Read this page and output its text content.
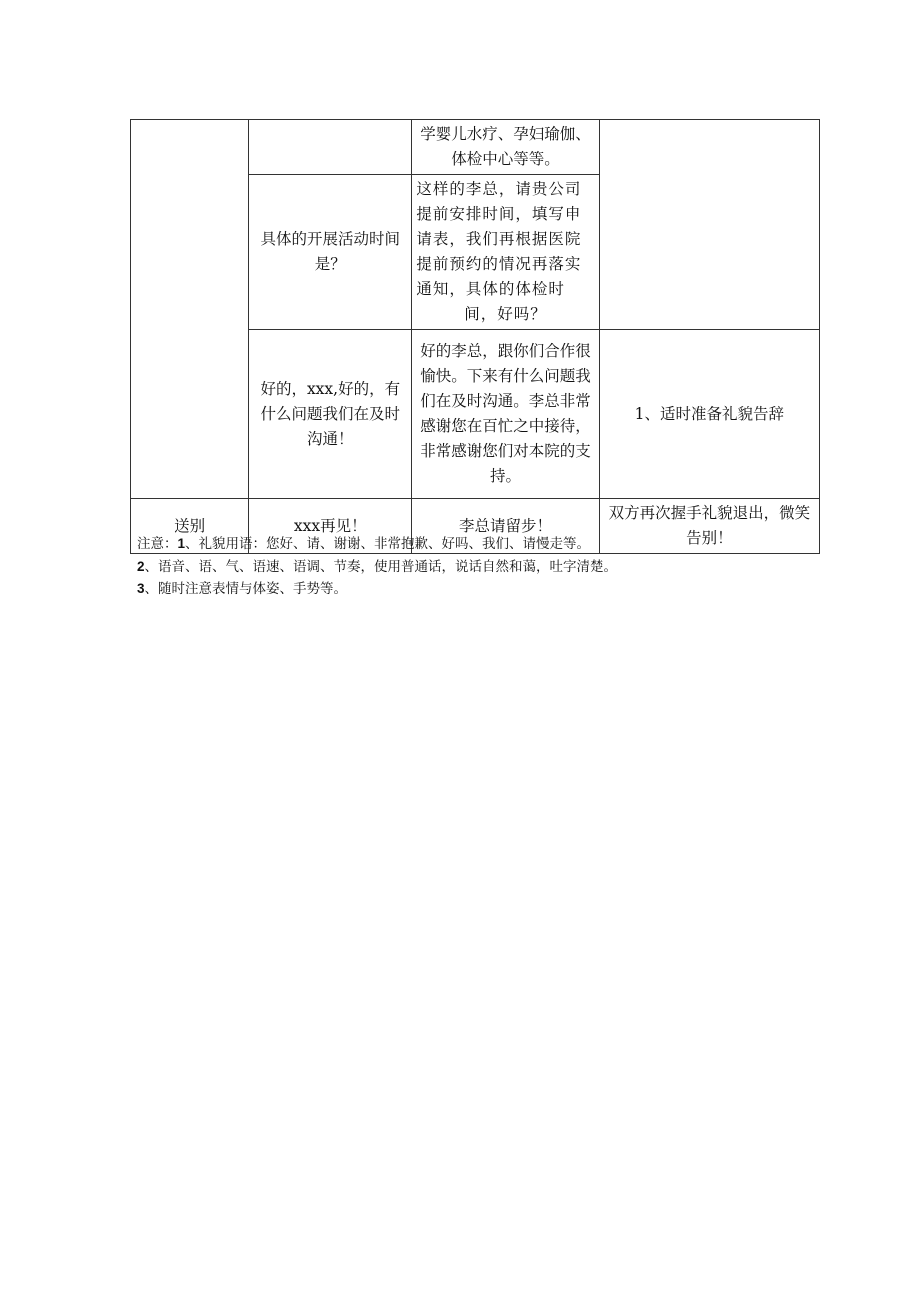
		学婴儿水疗、孕妇瑜伽、体检中心等等。	

	具体的开展活动时间是？	这样的李总，请贵公司提前安排时间，填写申请表，我们再根据医院提前预约的情况再落实通知，具体的体检时间，好吗？	

	好的，xxx,好的，有什么问题我们在及时沟通！	好的李总，跟你们合作很愉快。下来有什么问题我们在及时沟通。李总非常感谢您在百忙之中接待，非常感谢您们对本院的支持。	1、适时准备礼貌告辞

送别	xxx再见！	李总请留步！	双方再次握手礼貌退出，微笑告别！
注意：1、礼貌用语：您好、请、谢谢、非常抱歉、好吗、我们、请慢走等。
2、语音、语、气、语速、语调、节奏，使用普通话，说话自然和蔼，吐字清楚。
3、随时注意表情与体姿、手势等。
